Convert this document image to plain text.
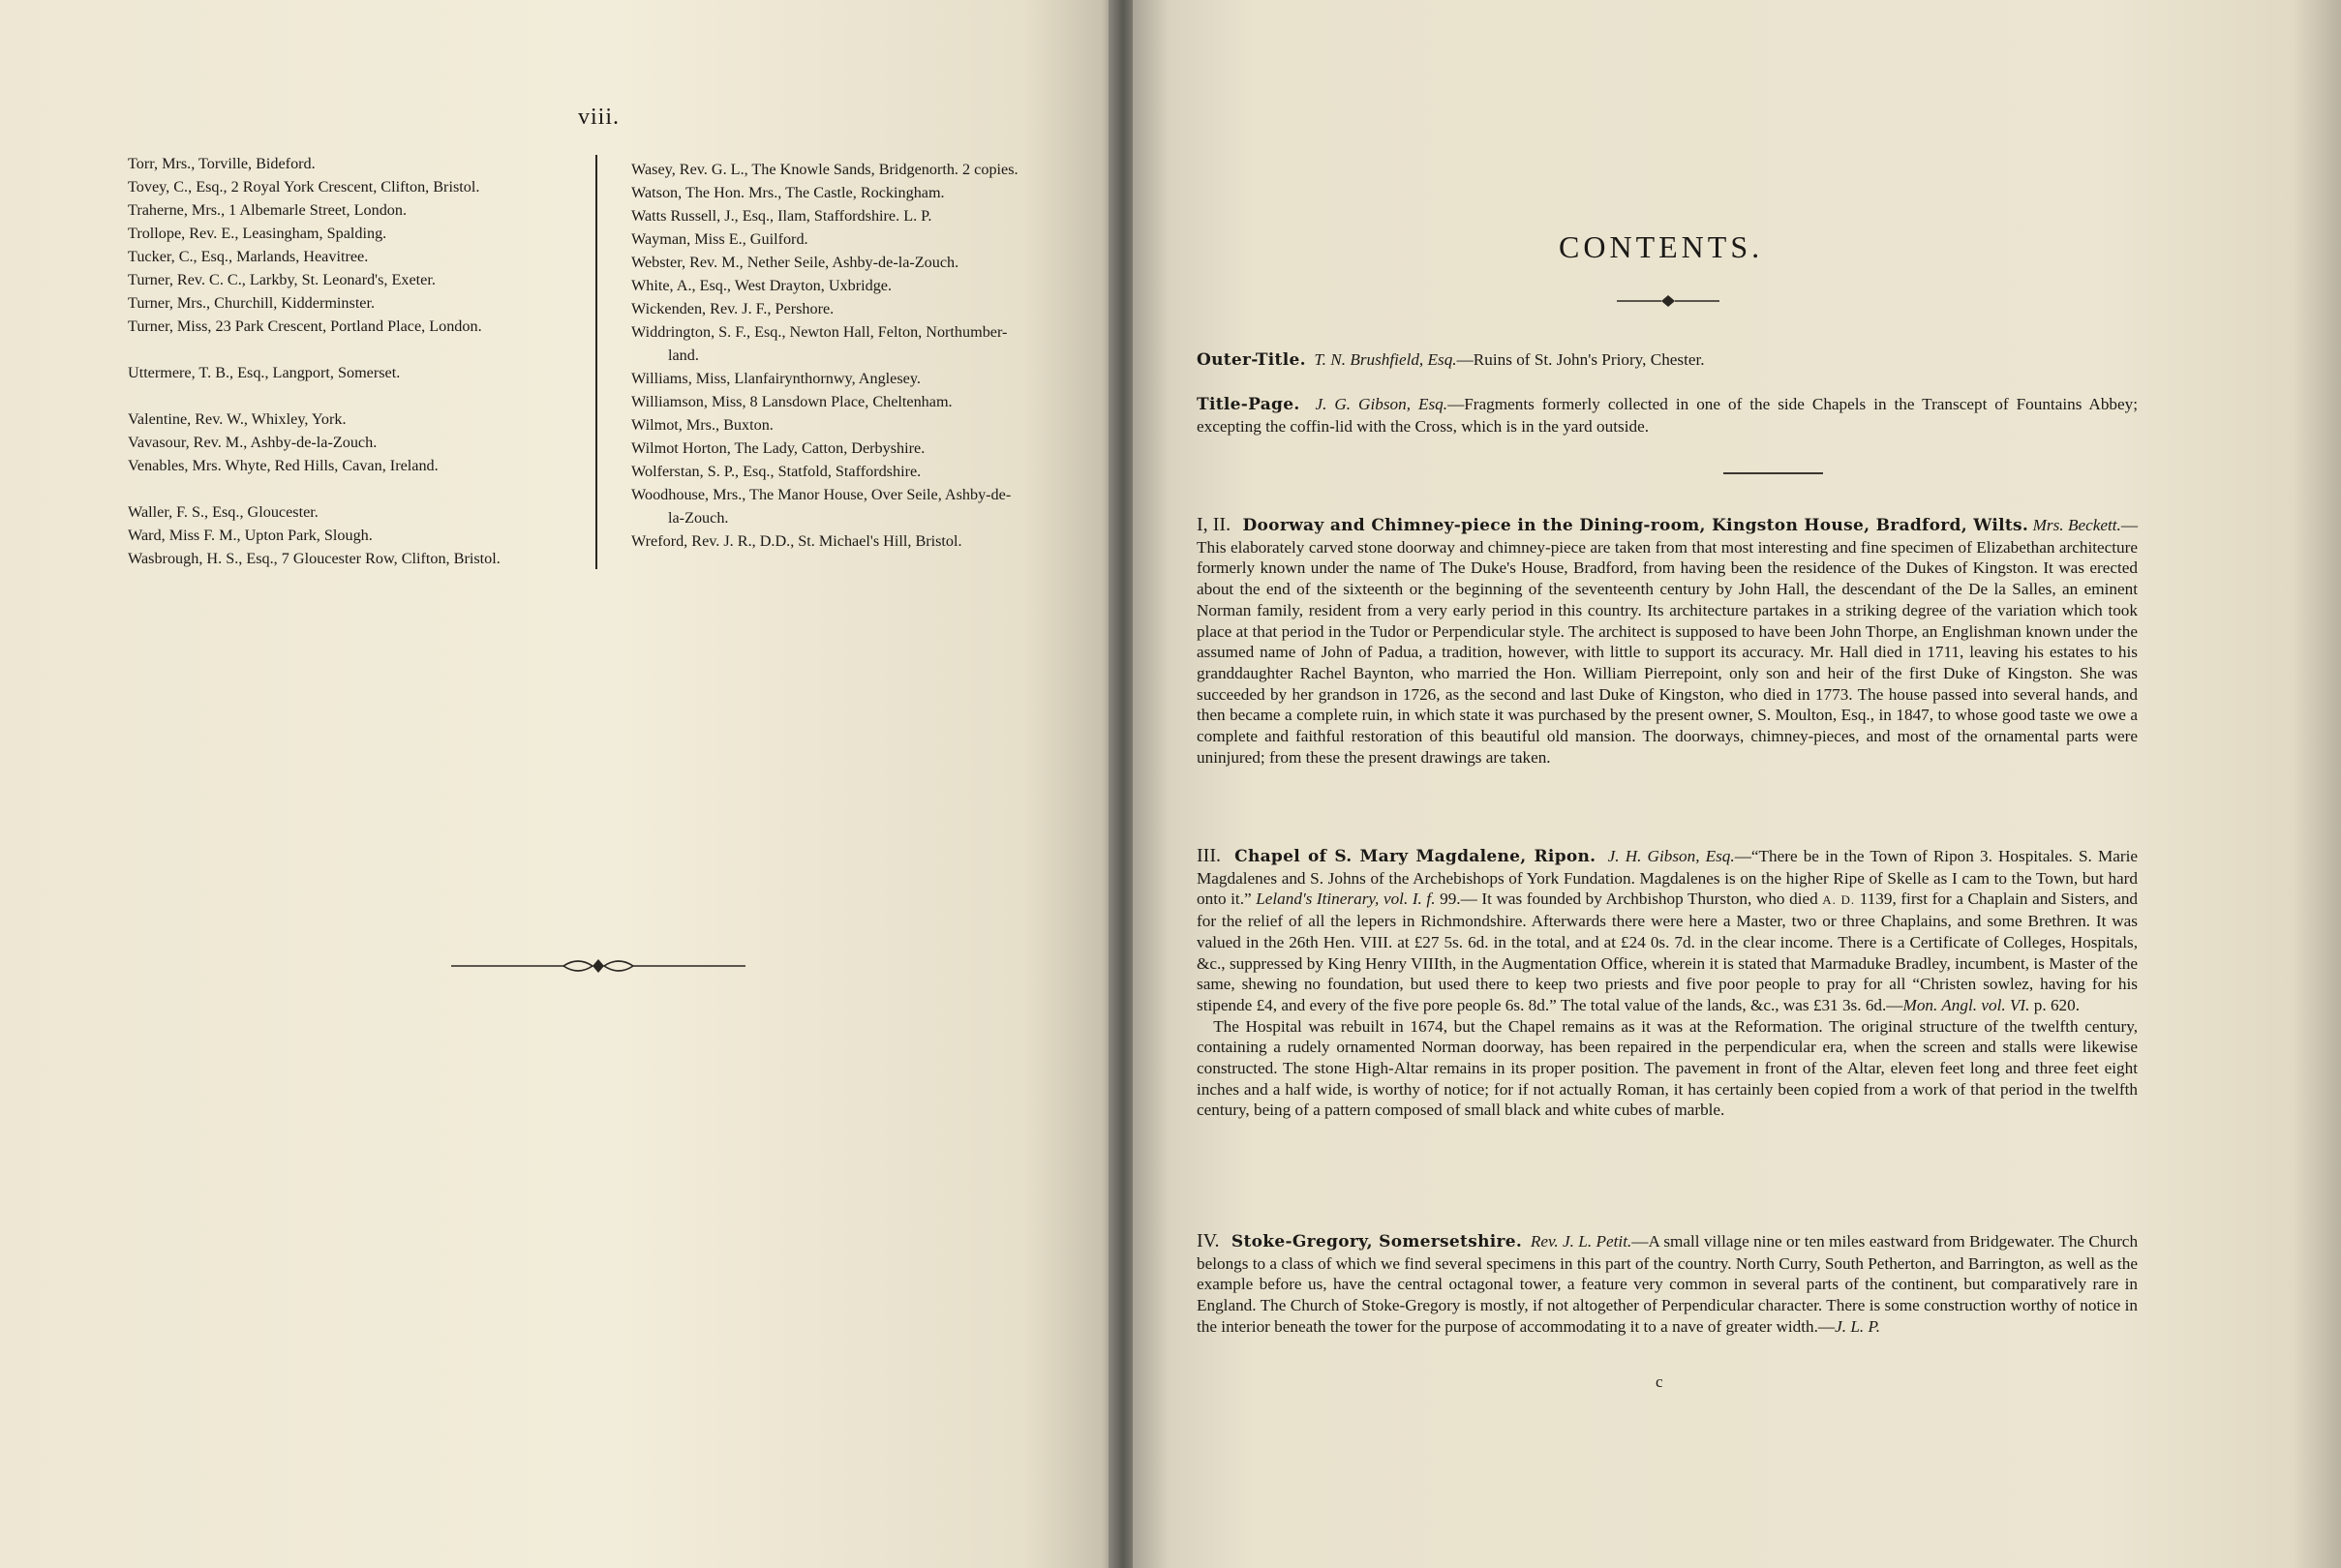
viii.
Torr, Mrs., Torville, Bideford.
Tovey, C., Esq., 2 Royal York Crescent, Clifton, Bristol.
Traherne, Mrs., 1 Albemarle Street, London.
Trollope, Rev. E., Leasingham, Spalding.
Tucker, C., Esq., Marlands, Heavitree.
Turner, Rev. C. C., Larkby, St. Leonard's, Exeter.
Turner, Mrs., Churchill, Kidderminster.
Turner, Miss, 23 Park Crescent, Portland Place, London.
Uttermere, T. B., Esq., Langport, Somerset.
Valentine, Rev. W., Whixley, York.
Vavasour, Rev. M., Ashby-de-la-Zouch.
Venables, Mrs. Whyte, Red Hills, Cavan, Ireland.
Waller, F. S., Esq., Gloucester.
Ward, Miss F. M., Upton Park, Slough.
Wasbrough, H. S., Esq., 7 Gloucester Row, Clifton, Bristol.
Wasey, Rev. G. L., The Knowle Sands, Bridgenorth. 2 copies.
Watson, The Hon. Mrs., The Castle, Rockingham.
Watts Russell, J., Esq., Ilam, Staffordshire. L. P.
Wayman, Miss E., Guilford.
Webster, Rev. M., Nether Seile, Ashby-de-la-Zouch.
White, A., Esq., West Drayton, Uxbridge.
Wickenden, Rev. J. F., Pershore.
Widdrington, S. F., Esq., Newton Hall, Felton, Northumber-
land.
Williams, Miss, Llanfairynthornwy, Anglesey.
Williamson, Miss, 8 Lansdown Place, Cheltenham.
Wilmot, Mrs., Buxton.
Wilmot Horton, The Lady, Catton, Derbyshire.
Wolferstan, S. P., Esq., Statfold, Staffordshire.
Woodhouse, Mrs., The Manor House, Over Seile, Ashby-de-
la-Zouch.
Wreford, Rev. J. R., D.D., St. Michael's Hill, Bristol.
CONTENTS.

Outer-Title. T. N. Brushfield, Esq.—Ruins of St. John's Priory, Chester.

Title-Page. J. G. Gibson, Esq.—Fragments formerly collected in one of the side Chapels in the Transcept of Fountains Abbey; excepting the coffin-lid with the Cross, which is in the yard outside.

I, II. Doorway and Chimney-piece in the Dining-room, Kingston House, Bradford, Wilts. Mrs. Beckett.—This elaborately carved stone doorway and chimney-piece are taken from that most interesting and fine specimen of Elizabethan architecture formerly known under the name of The Duke's House, Bradford, from having been the residence of the Dukes of Kingston. It was erected about the end of the sixteenth or the beginning of the seventeenth century by John Hall, the descendant of the De la Salles, an eminent Norman family, resident from a very early period in this country. Its architecture partakes in a striking degree of the variation which took place at that period in the Tudor or Perpendicular style. The architect is supposed to have been John Thorpe, an Englishman known under the assumed name of John of Padua, a tradition, however, with little to support its accuracy. Mr. Hall died in 1711, leaving his estates to his granddaughter Rachel Baynton, who married the Hon. William Pierrepoint, only son and heir of the first Duke of Kingston. She was succeeded by her grandson in 1726, as the second and last Duke of Kingston, who died in 1773. The house passed into several hands, and then became a complete ruin, in which state it was purchased by the present owner, S. Moulton, Esq., in 1847, to whose good taste we owe a complete and faithful restoration of this beautiful old mansion. The doorways, chimney-pieces, and most of the ornamental parts were uninjured; from these the present drawings are taken.

III. Chapel of S. Mary Magdalene, Ripon. J. H. Gibson, Esq.—“There be in the Town of Ripon 3. Hospitales. S. Marie Magdalenes and S. Johns of the Archebishops of York Fundation. Magdalenes is on the higher Ripe of Skelle as I cam to the Town, but hard onto it.” Leland's Itinerary, vol. I. f. 99.— It was founded by Archbishop Thurston, who died A. D. 1139, first for a Chaplain and Sisters, and for the relief of all the lepers in Richmondshire. Afterwards there were here a Master, two or three Chaplains, and some Brethren. It was valued in the 26th Hen. VIII. at £27 5s. 6d. in the total, and at £24 0s. 7d. in the clear income. There is a Certificate of Colleges, Hospitals, &c., suppressed by King Henry VIIIth, in the Augmentation Office, wherein it is stated that Marmaduke Bradley, incumbent, is Master of the same, shewing no foundation, but used there to keep two priests and five poor people to pray for all “Christen sowlez, having for his stipende £4, and every of the five pore people 6s. 8d.” The total value of the lands, &c., was £31 3s. 6d.—Mon. Angl. vol. VI. p. 620.
 The Hospital was rebuilt in 1674, but the Chapel remains as it was at the Reformation. The original structure of the twelfth century, containing a rudely ornamented Norman doorway, has been repaired in the perpendicular era, when the screen and stalls were likewise constructed. The stone High-Altar remains in its proper position. The pavement in front of the Altar, eleven feet long and three feet eight inches and a half wide, is worthy of notice; for if not actually Roman, it has certainly been copied from a work of that period in the twelfth century, being of a pattern composed of small black and white cubes of marble.

IV. Stoke-Gregory, Somersetshire. Rev. J. L. Petit.—A small village nine or ten miles eastward from Bridgewater. The Church belongs to a class of which we find several specimens in this part of the country. North Curry, South Petherton, and Barrington, as well as the example before us, have the central octagonal tower, a feature very common in several parts of the continent, but comparatively rare in England. The Church of Stoke-Gregory is mostly, if not altogether of Perpendicular character. There is some construction worthy of notice in the interior beneath the tower for the purpose of accommodating it to a nave of greater width.—J. L. P.

c
